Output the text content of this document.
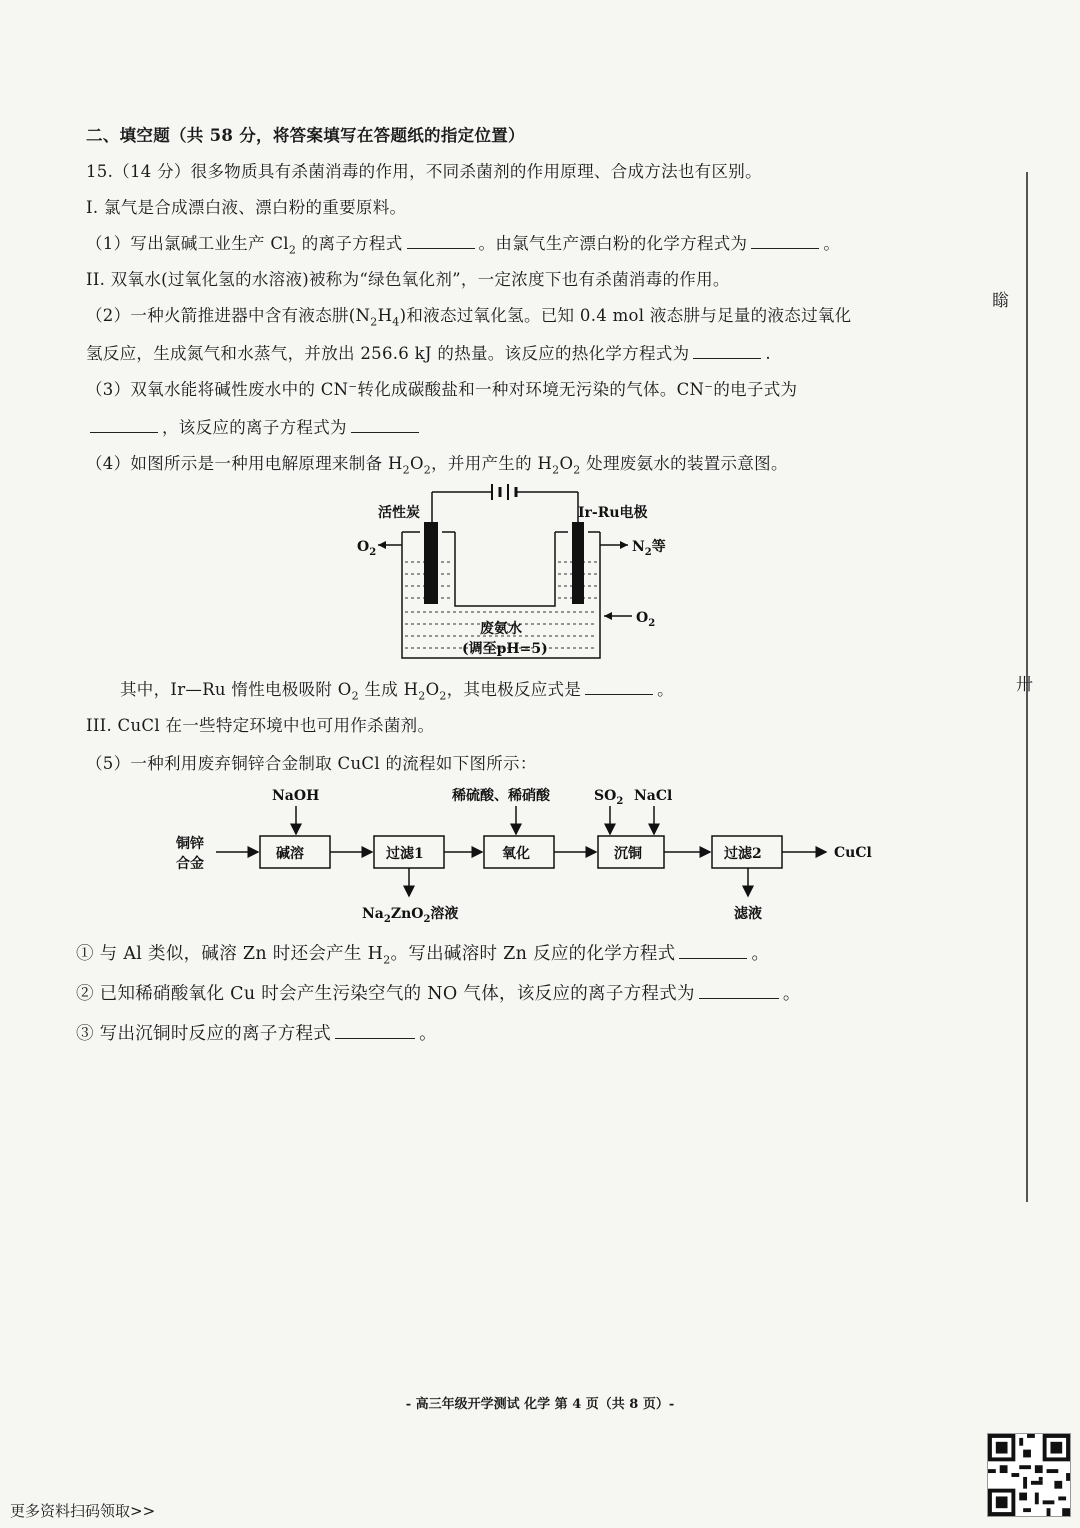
瞈
卅
二、填空题（共 58 分，将答案填写在答题纸的指定位置）
15.（14 分）很多物质具有杀菌消毒的作用，不同杀菌剂的作用原理、合成方法也有区别。
I. 氯气是合成漂白液、漂白粉的重要原料。
（1）写出氯碱工业生产 $Cl_2$ 的离子方程式	。由氯气生产漂白粉的化学方程式为	。
II. 双氧水(过氧化氢的水溶液)被称为“绿色氧化剂”，一定浓度下也有杀菌消毒的作用。
（2）一种火箭推进器中含有液态肼$(N_2H_4)$和液态过氧化氢。已知 0.4 mol 液态肼与足量的液态过氧化
氢反应，生成氮气和水蒸气，并放出 256.6 kJ 的热量。该反应的热化学方程式为	.
（3）双氧水能将碱性废水中的 CN⁻转化成碳酸盐和一种对环境无污染的气体。CN⁻的电子式为
，该反应的离子方程式为
（4）如图所示是一种用电解原理来制备 $H_2O_2$，并用产生的 $H_2O_2$ 处理废氨水的装置示意图。
活性炭	Ir-Ru电极
$O_2$	$N_2$等
$O_2$
废氨水
(调至pH=5)
其中，Ir—Ru 惰性电极吸附 $O_2$ 生成 $H_2O_2$，其电极反应式是	。
III. CuCl 在一些特定环境中也可用作杀菌剂。
（5）一种利用废弃铜锌合金制取 CuCl 的流程如下图所示：
铜锌
合金
碱溶	过滤1	氧化	沉铜	过滤2	CuCl
NaOH	稀硫酸、稀硝酸	$SO_2$ NaCl
$Na_2ZnO_2$溶液	滤液
① 与 Al 类似，碱溶 Zn 时还会产生 $H_2$。写出碱溶时 Zn 反应的化学方程式	。
② 已知稀硝酸氧化 Cu 时会产生污染空气的 NO 气体，该反应的离子方程式为	。
③ 写出沉铜时反应的离子方程式	。
- 高三年级开学测试 化学 第 4 页（共 8 页）-
更多资料扫码领取>>
